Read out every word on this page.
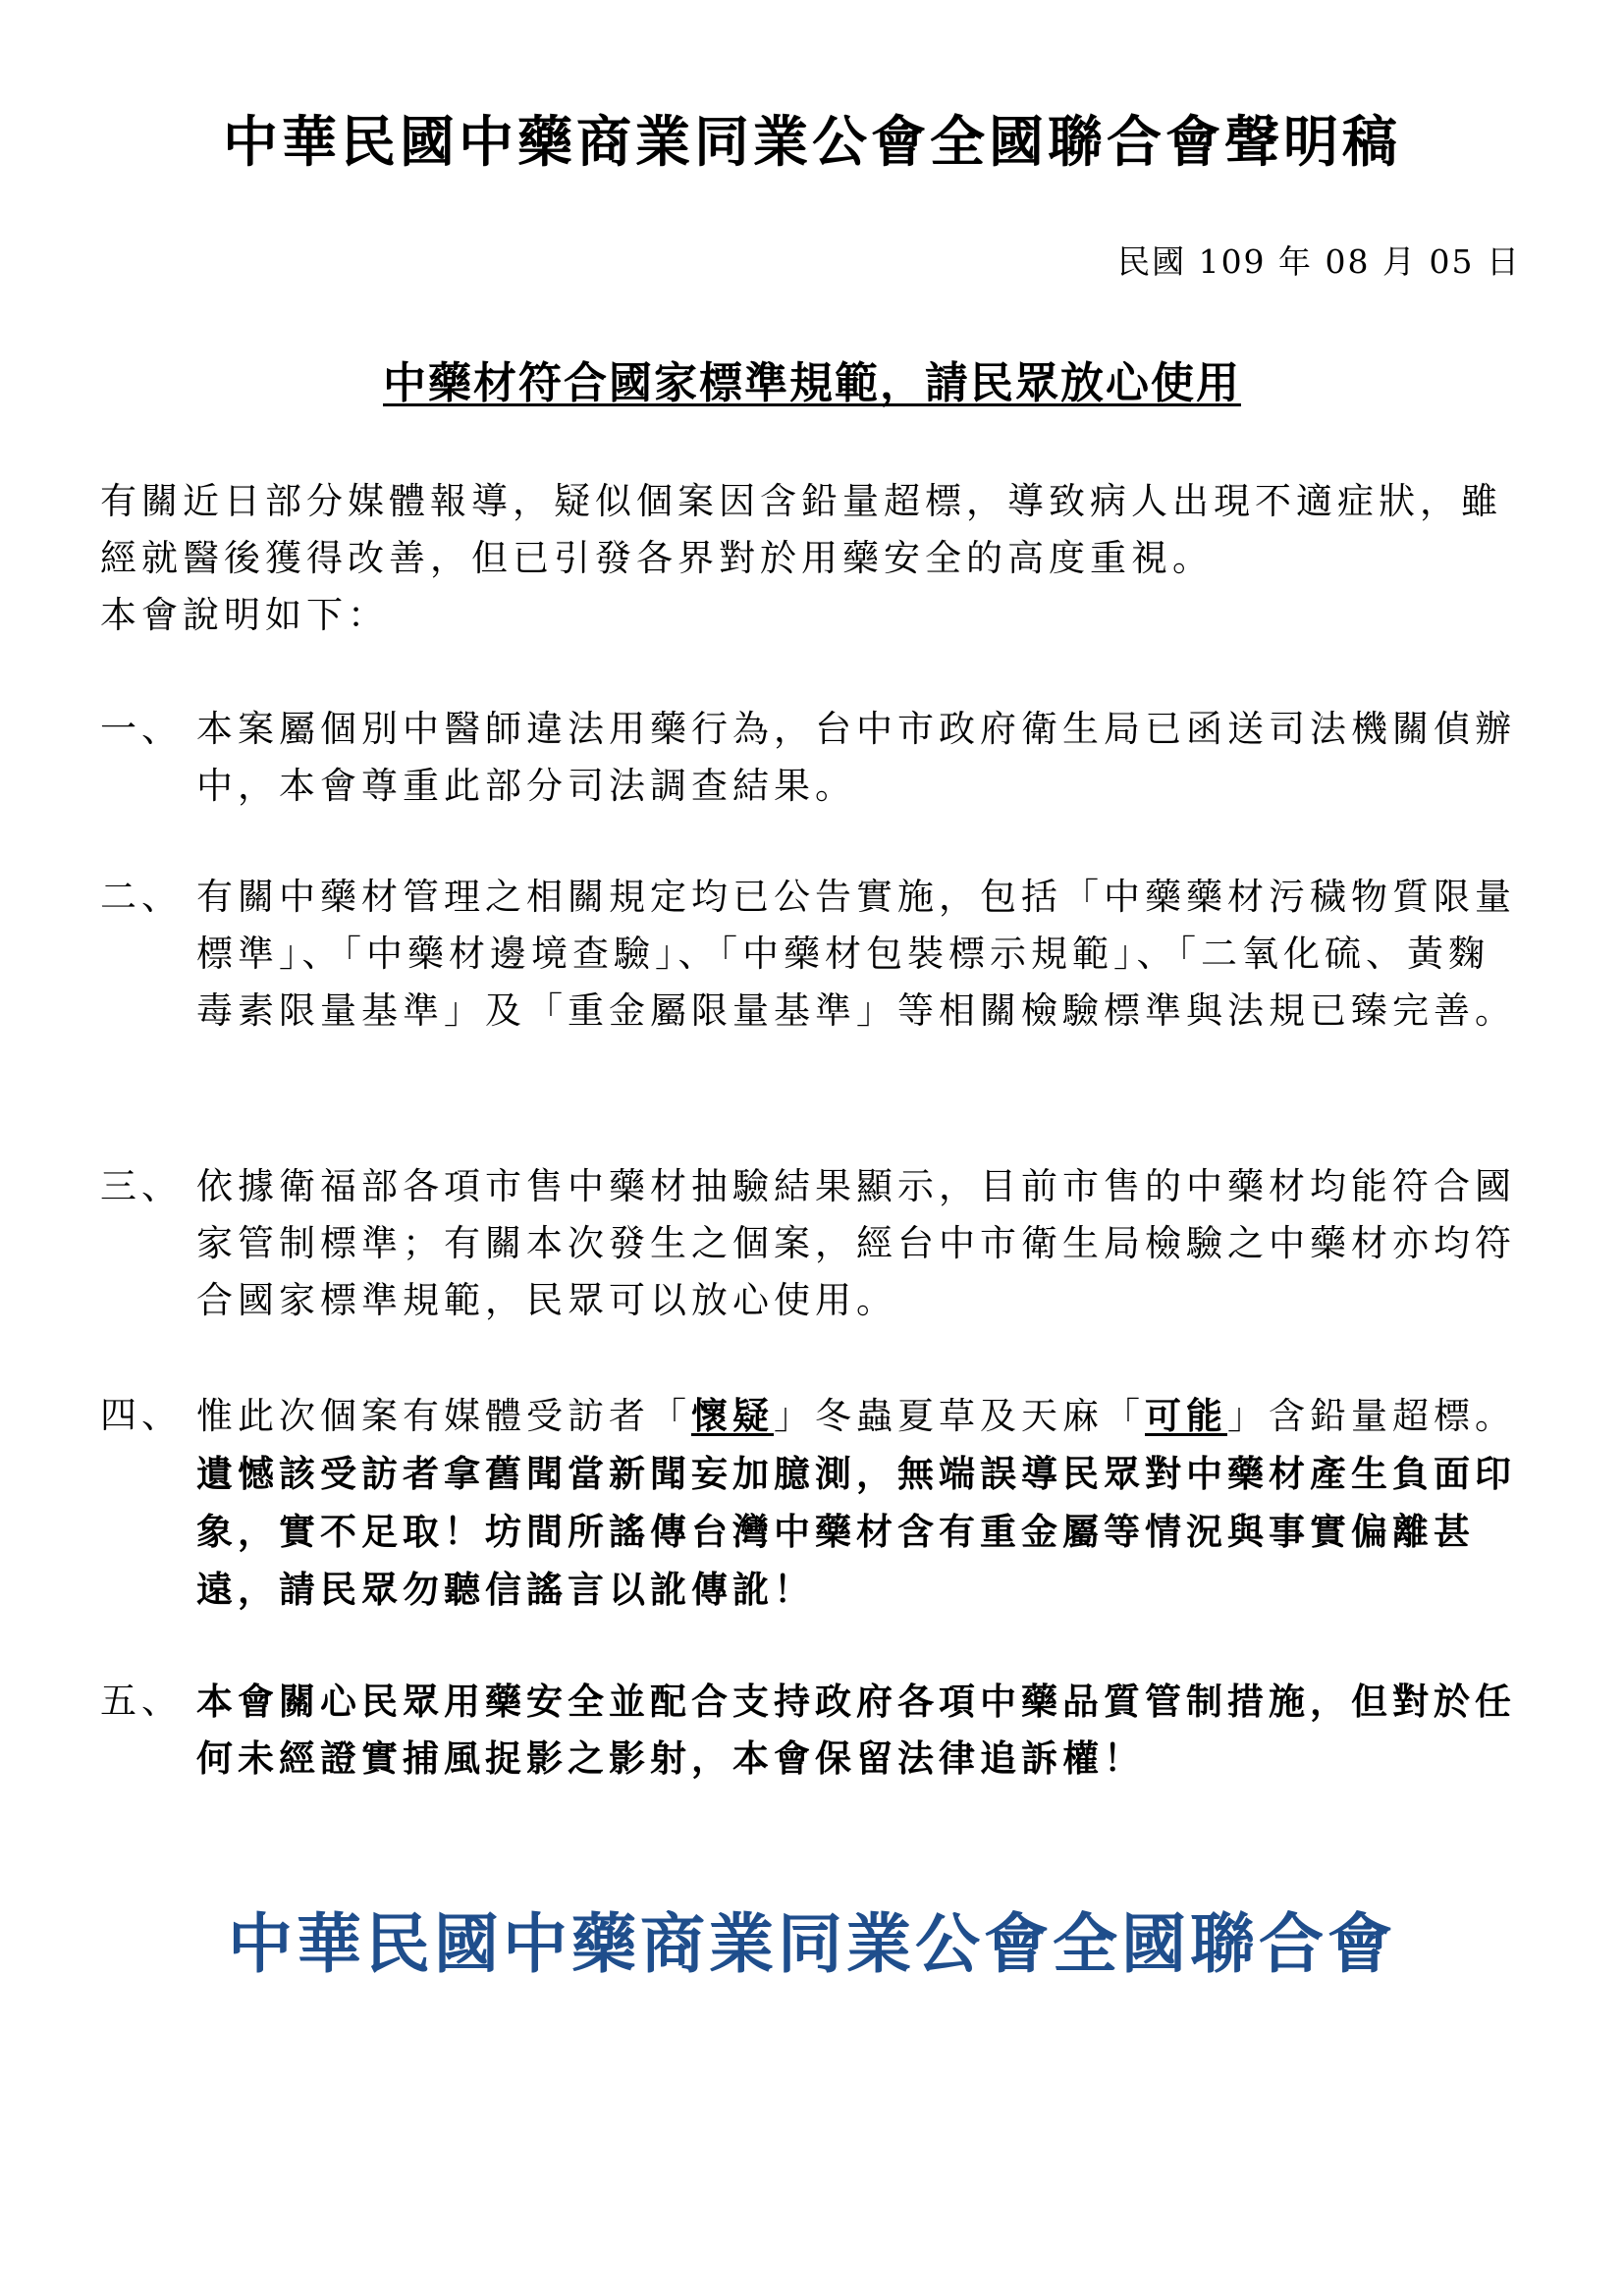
中華民國中藥商業同業公會全國聯合會聲明稿
民國 109 年 08 月 05 日
中藥材符合國家標準規範，請民眾放心使用

有關近日部分媒體報導，疑似個案因含鉛量超標，導致病人出現不適症狀，雖經就醫後獲得改善，但已引發各界對於用藥安全的高度重視。

本會說明如下：

一、 本案屬個別中醫師違法用藥行為，台中市政府衛生局已函送司法機關偵辦中，本會尊重此部分司法調查結果。
二、 有關中藥材管理之相關規定均已公告實施，包括「中藥藥材污穢物質限量標準」、「中藥材邊境查驗」、「中藥材包裝標示規範」、「二氧化硫、黃麴毒素限量基準」及「重金屬限量基準」等相關檢驗標準與法規已臻完善。
三、 依據衛福部各項市售中藥材抽驗結果顯示，目前市售的中藥材均能符合國家管制標準；有關本次發生之個案，經台中市衛生局檢驗之中藥材亦均符合國家標準規範，民眾可以放心使用。
四、 惟此次個案有媒體受訪者「懷疑」冬蟲夏草及天麻「可能」含鉛量超標。遺憾該受訪者拿舊聞當新聞妄加臆測，無端誤導民眾對中藥材產生負面印象，實不足取！坊間所謠傳台灣中藥材含有重金屬等情況與事實偏離甚遠，請民眾勿聽信謠言以訛傳訛！
五、 本會關心民眾用藥安全並配合支持政府各項中藥品質管制措施，但對於任何未經證實捕風捉影之影射，本會保留法律追訴權！
中華民國中藥商業同業公會全國聯合會
